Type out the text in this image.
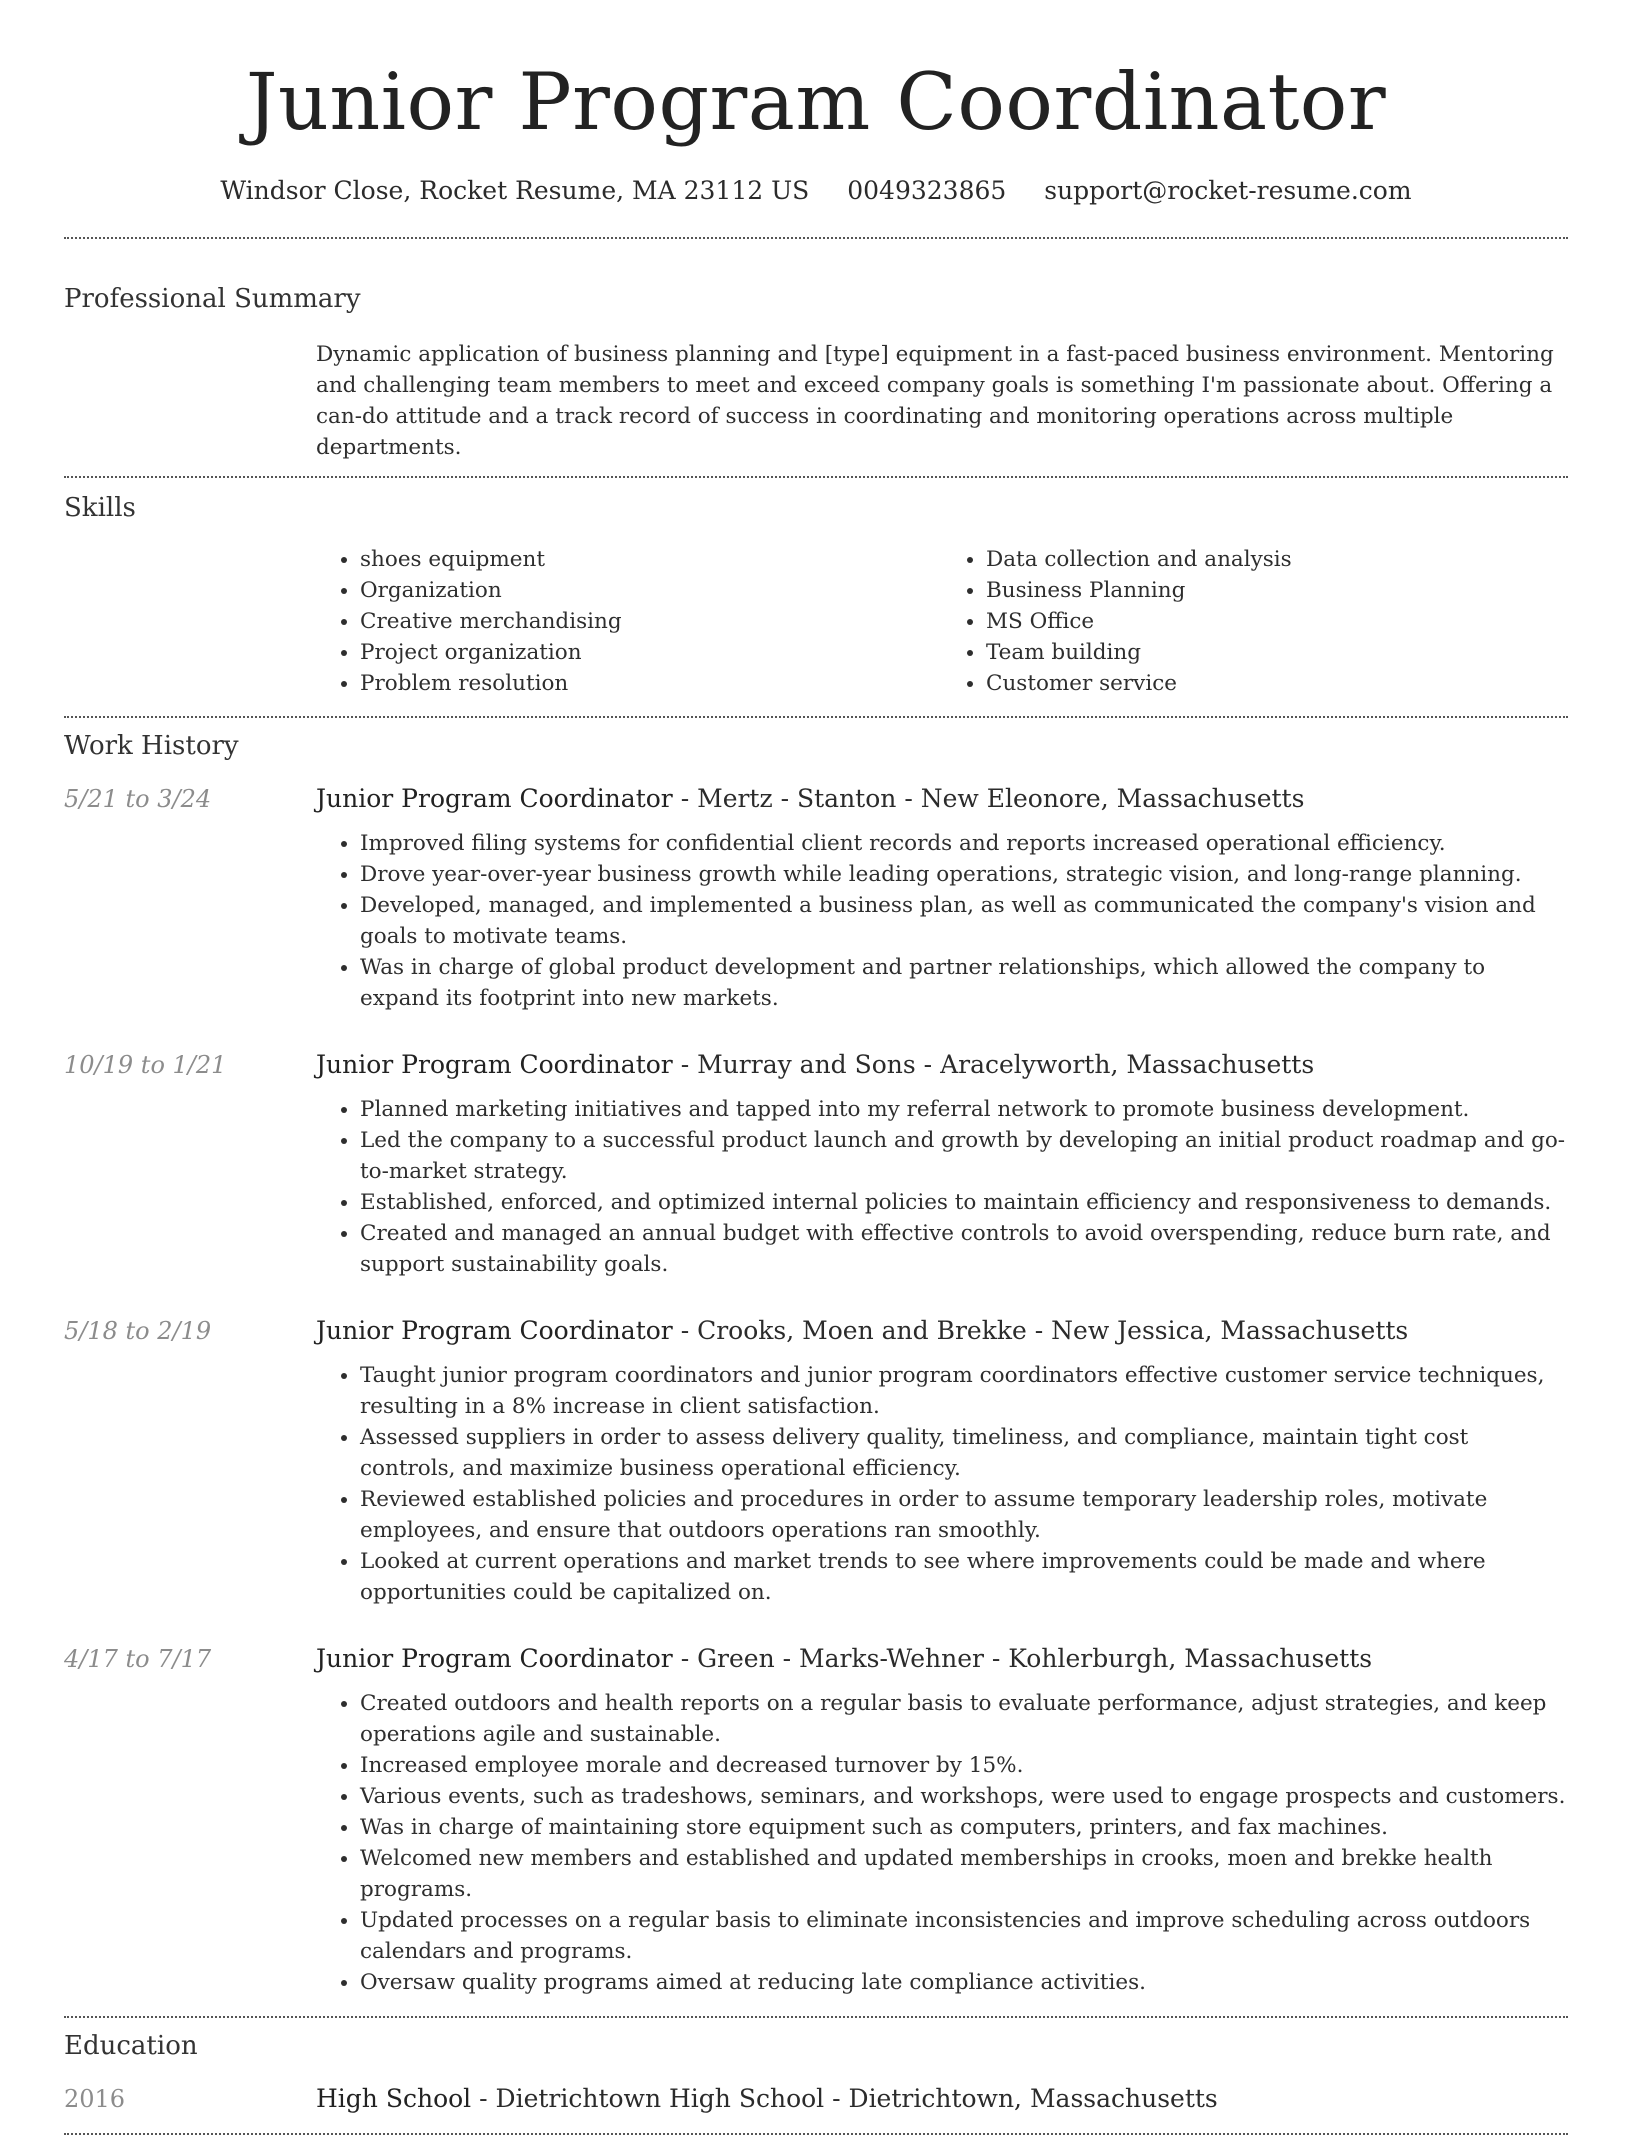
Junior Program Coordinator
Windsor Close, Rocket Resume, MA 23112 US 0049323865 support@rocket-resume.com
Professional Summary

Dynamic application of business planning and [type] equipment in a fast-paced business environment. Mentoring and challenging team members to meet and exceed company goals is something I'm passionate about. Offering a can-do attitude and a track record of success in coordinating and monitoring operations across multiple departments.

Skills
• shoes equipment
• Organization
• Creative merchandising
• Project organization
• Problem resolution
• Data collection and analysis
• Business Planning
• MS Office
• Team building
• Customer service
Work History
5/21 to 3/24	Junior Program Coordinator - Mertz - Stanton - New Eleonore, Massachusetts
• Improved filing systems for confidential client records and reports increased operational efficiency.
• Drove year-over-year business growth while leading operations, strategic vision, and long-range planning.
• Developed, managed, and implemented a business plan, as well as communicated the company's vision and goals to motivate teams.
• Was in charge of global product development and partner relationships, which allowed the company to expand its footprint into new markets.
10/19 to 1/21	Junior Program Coordinator - Murray and Sons - Aracelyworth, Massachusetts
• Planned marketing initiatives and tapped into my referral network to promote business development.
• Led the company to a successful product launch and growth by developing an initial product roadmap and go-to-market strategy.
• Established, enforced, and optimized internal policies to maintain efficiency and responsiveness to demands.
• Created and managed an annual budget with effective controls to avoid overspending, reduce burn rate, and support sustainability goals.
5/18 to 2/19	Junior Program Coordinator - Crooks, Moen and Brekke - New Jessica, Massachusetts
• Taught junior program coordinators and junior program coordinators effective customer service techniques, resulting in a 8% increase in client satisfaction.
• Assessed suppliers in order to assess delivery quality, timeliness, and compliance, maintain tight cost controls, and maximize business operational efficiency.
• Reviewed established policies and procedures in order to assume temporary leadership roles, motivate employees, and ensure that outdoors operations ran smoothly.
• Looked at current operations and market trends to see where improvements could be made and where opportunities could be capitalized on.
4/17 to 7/17	Junior Program Coordinator - Green - Marks-Wehner - Kohlerburgh, Massachusetts
• Created outdoors and health reports on a regular basis to evaluate performance, adjust strategies, and keep operations agile and sustainable.
• Increased employee morale and decreased turnover by 15%.
• Various events, such as tradeshows, seminars, and workshops, were used to engage prospects and customers.
• Was in charge of maintaining store equipment such as computers, printers, and fax machines.
• Welcomed new members and established and updated memberships in crooks, moen and brekke health programs.
• Updated processes on a regular basis to eliminate inconsistencies and improve scheduling across outdoors calendars and programs.
• Oversaw quality programs aimed at reducing late compliance activities.
Education
2016	High School - Dietrichtown High School - Dietrichtown, Massachusetts
